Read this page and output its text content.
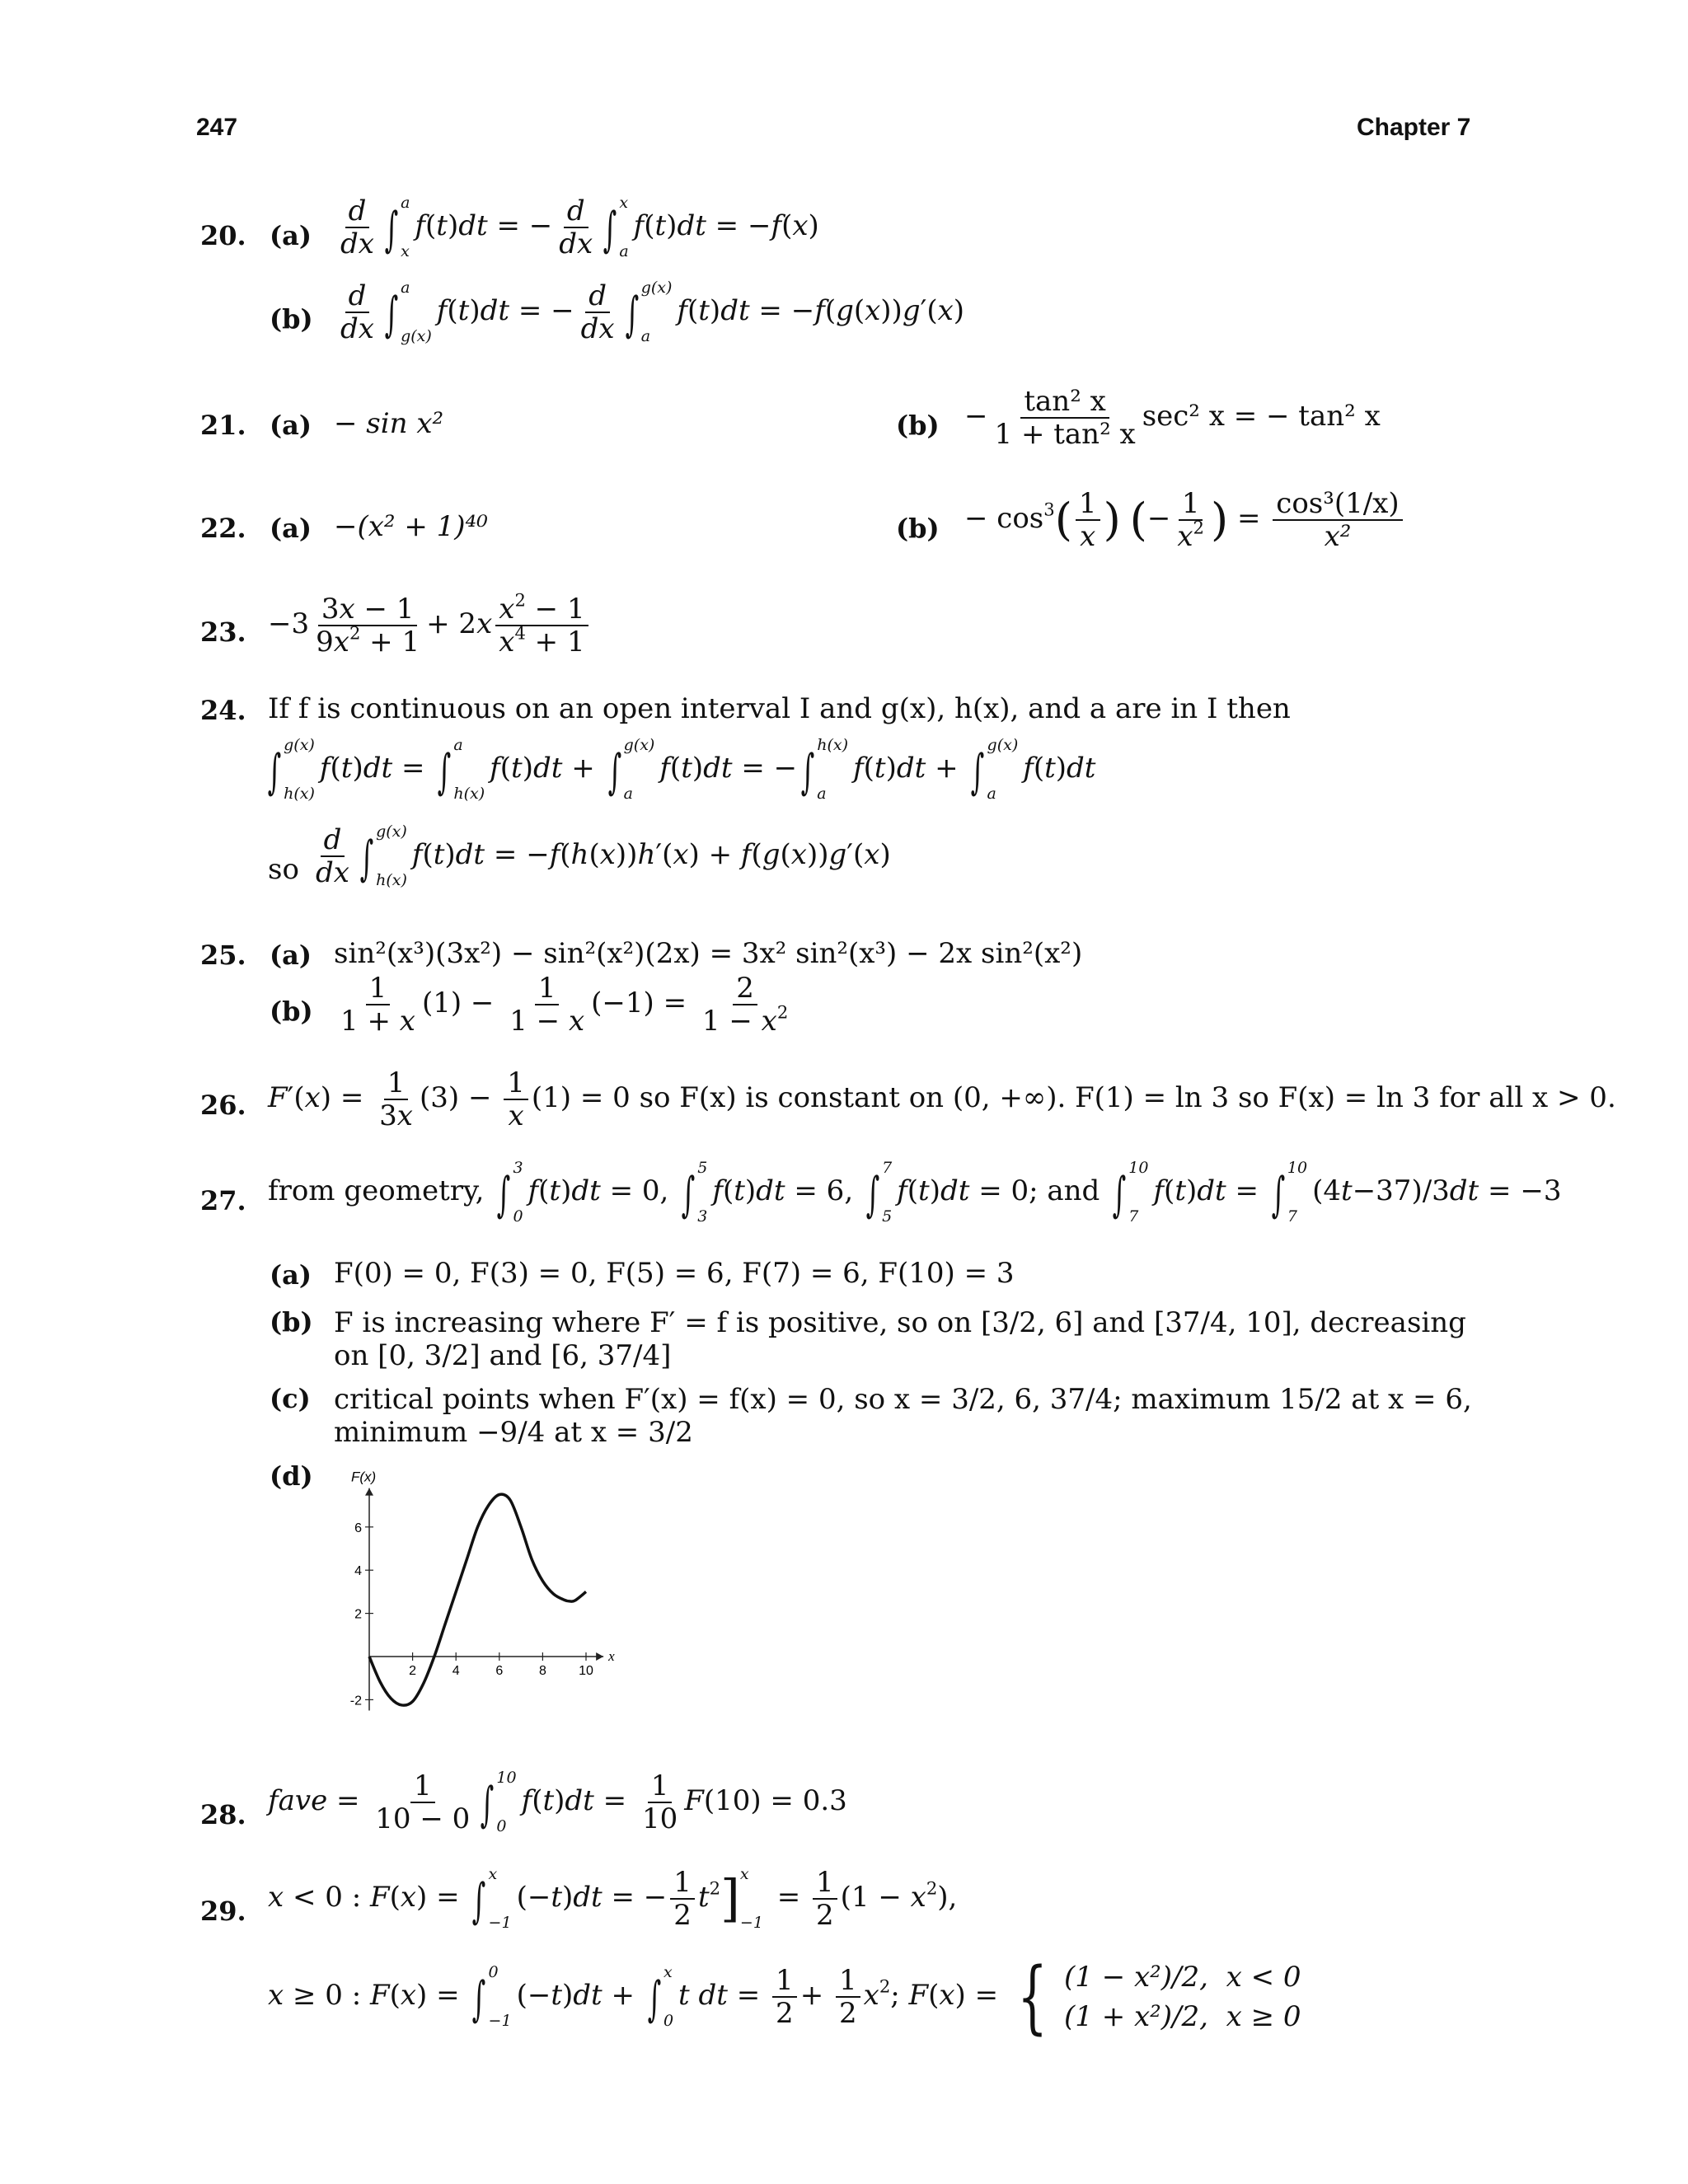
247	Chapter 7
20. $(a) \frac{d}{dx}$ ∫ a
x
f(t)dt = − $\frac{d}{dx}$ ∫ x
a
f(t)dt = −f(x)
$(b) \frac{d}{dx}$ ∫ a
g(x)
f(t)dt = − $\frac{d}{dx}$ ∫ g(x)
a
f(t)dt = −f(g(x))g′(x)
21. (a) − sin x²	$(b) - \frac{\text{tan² x}}{\text{1 + tan² x}} \sec^2$ x = − tan² x
22. (a) −(x² + 1)⁴⁰	$(b) - \cos^3( \frac{1}{x}$ ) (− $\frac{1}{x^2}$ ) = $\frac{\text{cos³(1/x)}}{\text{x²}}$
23. $-3 \frac{3x - 1}{9x^2 + 1} + 2x \frac{x^2 - 1}{x^4 + 1}$
24. If f is continuous on an open interval I and g(x), h(x), and a are in I then
∫ g(x)
h(x)
f(t)dt = ∫ a
h(x)
f(t)dt + ∫ g(x)
a
f(t)dt = −∫ h(x)
a
f(t)dt + ∫ g(x)
a
f(t)dt
so $\frac{d}{dx}$ ∫ g(x)
h(x)
f(t)dt = −f(h(x))h′(x) + f(g(x))g′(x)
25. (a) sin²(x³)(3x²) − sin²(x²)(2x) = 3x² sin²(x³) − 2x sin²(x²)
$(b) \frac{1}{1 + x} (1) - \frac{1}{1 - x} (-1) = \frac{2}{1 - x^2}$
26. $F'(x) = \frac{1}{3x} (3) - \frac{1}{x} (1) = 0$ so F(x) is constant on (0, +∞). F(1) = ln 3 so F(x) = ln 3 for all x > 0.
27. from geometry, ∫ 3
0
f(t)dt = 0, ∫ 5
3
f(t)dt = 6, ∫ 7
5
f(t)dt = 0; and ∫ 10
7
f(t)dt = ∫ 10
7
(4t−37)/3dt = −3
(a) F(0) = 0, F(3) = 0, F(5) = 6, F(7) = 6, F(10) = 3
(b) F is increasing where F′ = f is positive, so on [3/2, 6] and [37/4, 10], decreasing on [0, 3/2] and [6, 37/4]
(c) critical points when F′(x) = f(x) = 0, so x = 3/2, 6, 37/4; maximum 15/2 at x = 6, minimum −9/4 at x = 3/2
(d)	F(x)
x
2	4	6	8 10
-2
2
4
6
28. fave = $\frac{1}{10 - 0}$ ∫ 10
0
$f(t)dt = \frac{1}{10} F(10) = 0.3$
29. x < 0 : F(x) = ∫ x
−1
(−t)dt = − $\frac{1}{2} t^2$] x
−1
= $\frac{1}{2} (1 - x^2)$,
x ≥ 0 : F(x) = ∫ 0
−1
(−t)dt + ∫ x
0
t dt = $\frac{1}{2} + \frac{1}{2} x^2$; F(x) = { (1 − x²)/2, x < 0
(1 + x²)/2, x ≥ 0
